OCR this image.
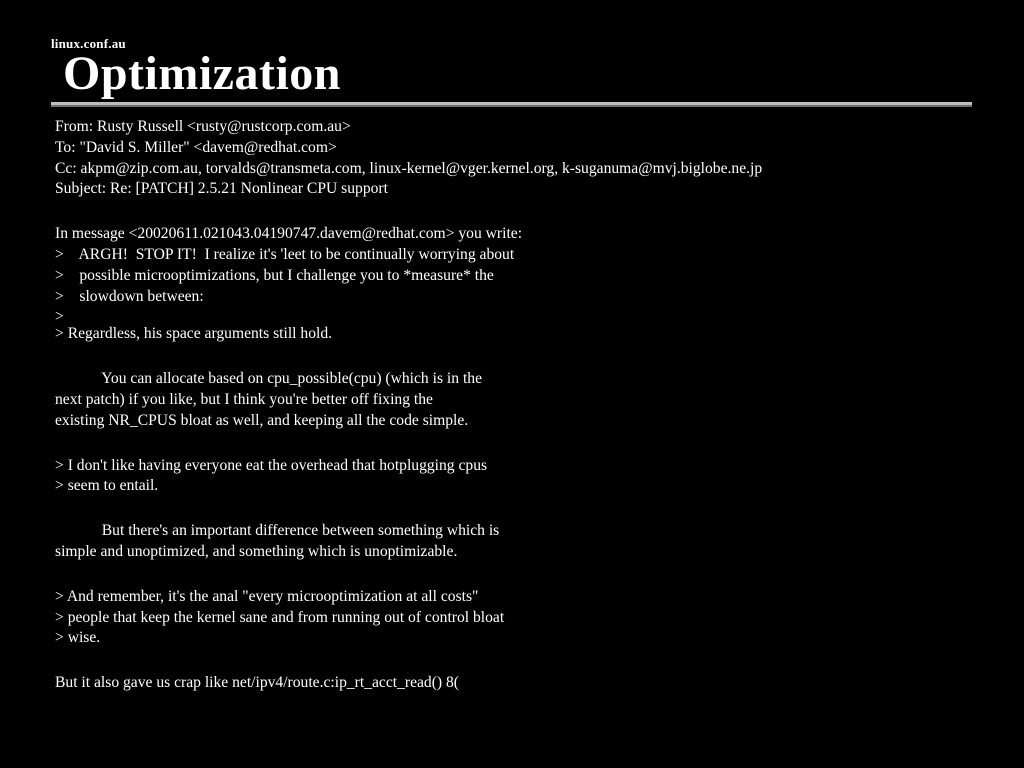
linux.conf.au
Optimization
From: Rusty Russell <rusty@rustcorp.com.au>
To: "David S. Miller" <davem@redhat.com>
Cc: akpm@zip.com.au, torvalds@transmeta.com, linux-kernel@vger.kernel.org, k-suganuma@mvj.biglobe.ne.jp
Subject: Re: [PATCH] 2.5.21 Nonlinear CPU support
In message <20020611.021043.04190747.davem@redhat.com> you write:
>    ARGH!  STOP IT!  I realize it's 'leet to be continually worrying about
>    possible microoptimizations, but I challenge you to *measure* the
>    slowdown between:
>
> Regardless, his space arguments still hold.
You can allocate based on cpu_possible(cpu) (which is in the
next patch) if you like, but I think you're better off fixing the
existing NR_CPUS bloat as well, and keeping all the code simple.
> I don't like having everyone eat the overhead that hotplugging cpus
> seem to entail.
But there's an important difference between something which is
simple and unoptimized, and something which is unoptimizable.
> And remember, it's the anal "every microoptimization at all costs"
> people that keep the kernel sane and from running out of control bloat
> wise.
But it also gave us crap like net/ipv4/route.c:ip_rt_acct_read() 8(
